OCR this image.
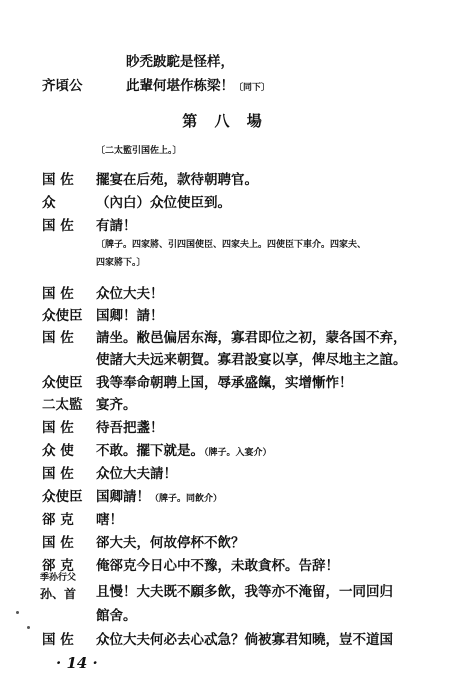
眇禿跛駝是怪样，
齐頃公	此輩何堪作栋梁！〔同下〕
第 八 場
〔二太監引国佐上。〕
国 佐 擺宴在后苑，款待朝聘官。
众	（內白）众位使臣到。
国 佐 有請！
〔牌子。四家將、引四国使臣、四家夫上。四使臣下車介。四家夫、
四家將下。〕
国 佐 众位大夫！
众使臣 国卿！請！
国 佐 請坐。敝邑偏居东海，寡君即位之初，蒙各国不弃，
使諸大夫远来朝賀。寡君設宴以享，俾尽地主之誼。
众使臣 我等奉命朝聘上国，辱承盛餼，实增慚怍！
二太監 宴齐。
国 佐 待吾把盞！
众 使 不敢。擺下就是。（牌子。入宴介）
国 佐 众位大夫請！
众使臣 国卿請！（牌子。同飲介）
郤 克 嗐！
国 佐 郤大夫，何故停杯不飲？
郤 克 俺郤克今日心中不豫，未敢貪杯。告辞！
季孙行父
孙、首 且慢！大夫既不願多飲，我等亦不淹留，一同回归
館舍。
国 佐 众位大夫何必去心忒急？倘被寡君知曉，豈不道国
· 14 ·
